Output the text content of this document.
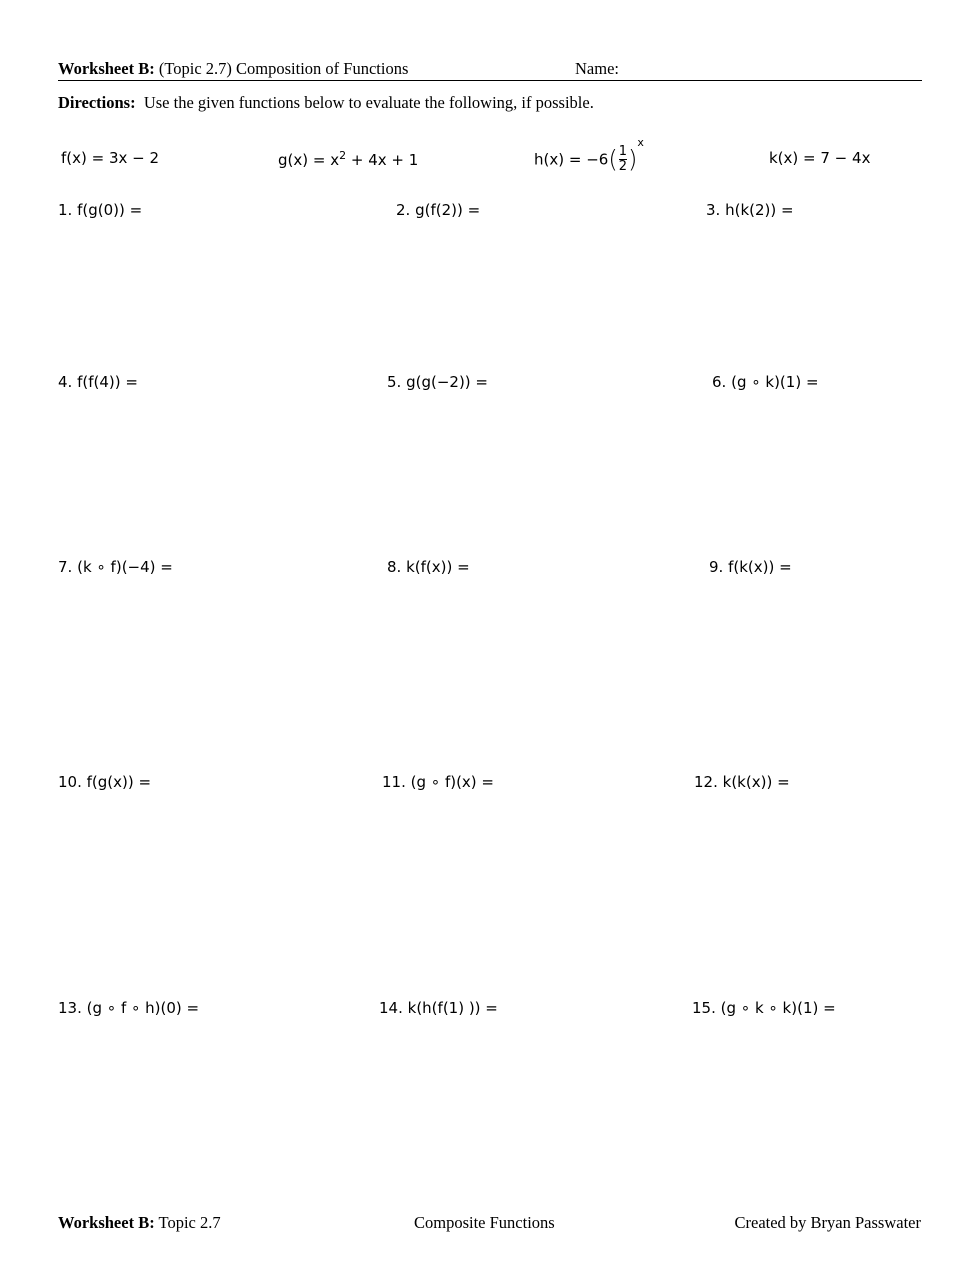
Worksheet B: (Topic 2.7) Composition of Functions	Name:
Directions:  Use the given functions below to evaluate the following, if possible.
f(x) = 3x − 2	$g(x) = x^2 + 4x + 1$	$h(x) = -6( \frac{1}{2} )^x$
k(x) = 7 − 4x
1. f(g(0)) =	2. g(f(2)) =	3. h(k(2)) =
4. f(f(4)) =	5. g(g(−2)) =	6. (g ∘ k)(1) =
7. (k ∘ f)(−4) =	8. k(f(x)) =	9. f(k(x)) =
10. f(g(x)) =	11. (g ∘ f)(x) =	12. k(k(x)) =
13. (g ∘ f ∘ h)(0) =	14. k(h(f(1) )) =	15. (g ∘ k ∘ k)(1) =
Worksheet B: Topic 2.7	Composite Functions	Created by Bryan Passwater
